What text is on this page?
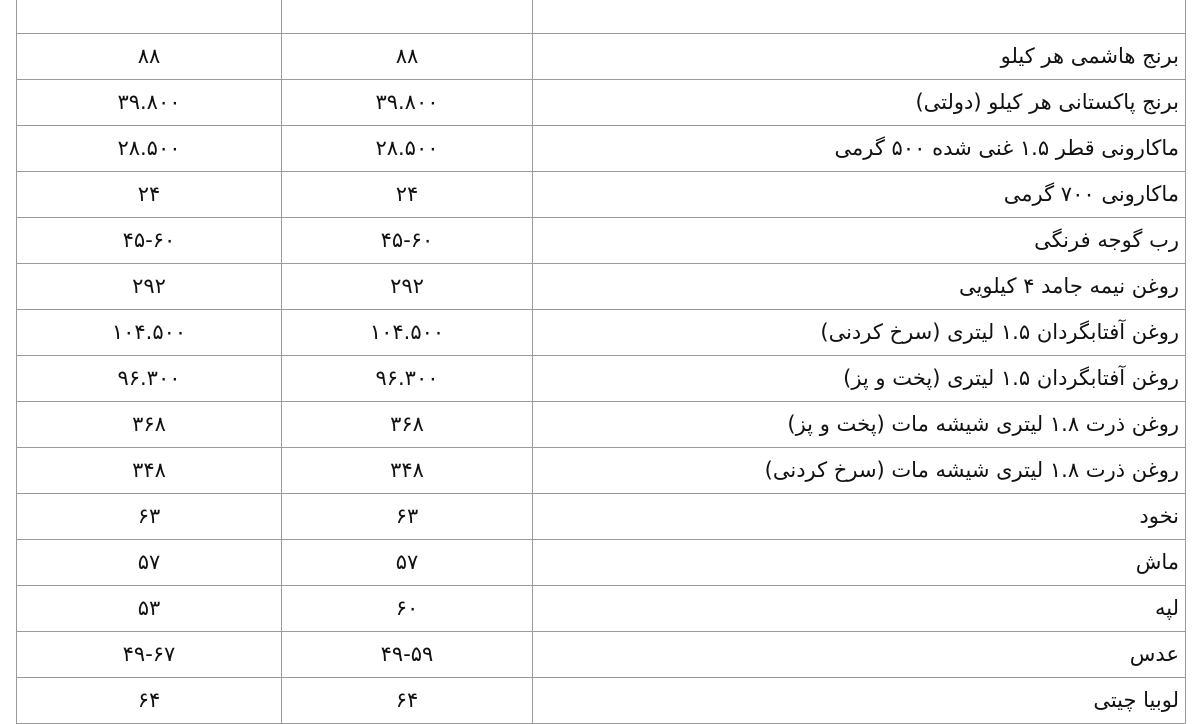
برنج هاشمی هر کیلو	۸۸	۸۸
برنج پاکستانی هر کیلو (دولتی)	۳۹.۸۰۰	۳۹.۸۰۰
ماکارونی قطر ۱.۵ غنی شده ۵۰۰ گرمی	۲۸.۵۰۰	۲۸.۵۰۰
ماکارونی ۷۰۰ گرمی	۲۴	۲۴
رب گوجه فرنگی	۴۵-۶۰	۴۵-۶۰
روغن نیمه جامد ۴ کیلویی	۲۹۲	۲۹۲
روغن آفتابگردان ۱.۵ لیتری (سرخ کردنی)	۱۰۴.۵۰۰	۱۰۴.۵۰۰
روغن آفتابگردان ۱.۵ لیتری (پخت و پز)	۹۶.۳۰۰	۹۶.۳۰۰
روغن ذرت ۱.۸ لیتری شیشه مات (پخت و پز)	۳۶۸	۳۶۸
روغن ذرت ۱.۸ لیتری شیشه مات (سرخ کردنی)	۳۴۸	۳۴۸
نخود	۶۳	۶۳
ماش	۵۷	۵۷
لپه	۶۰	۵۳
عدس	۴۹-۵۹	۴۹-۶۷
لوبیا چیتی	۶۴	۶۴
